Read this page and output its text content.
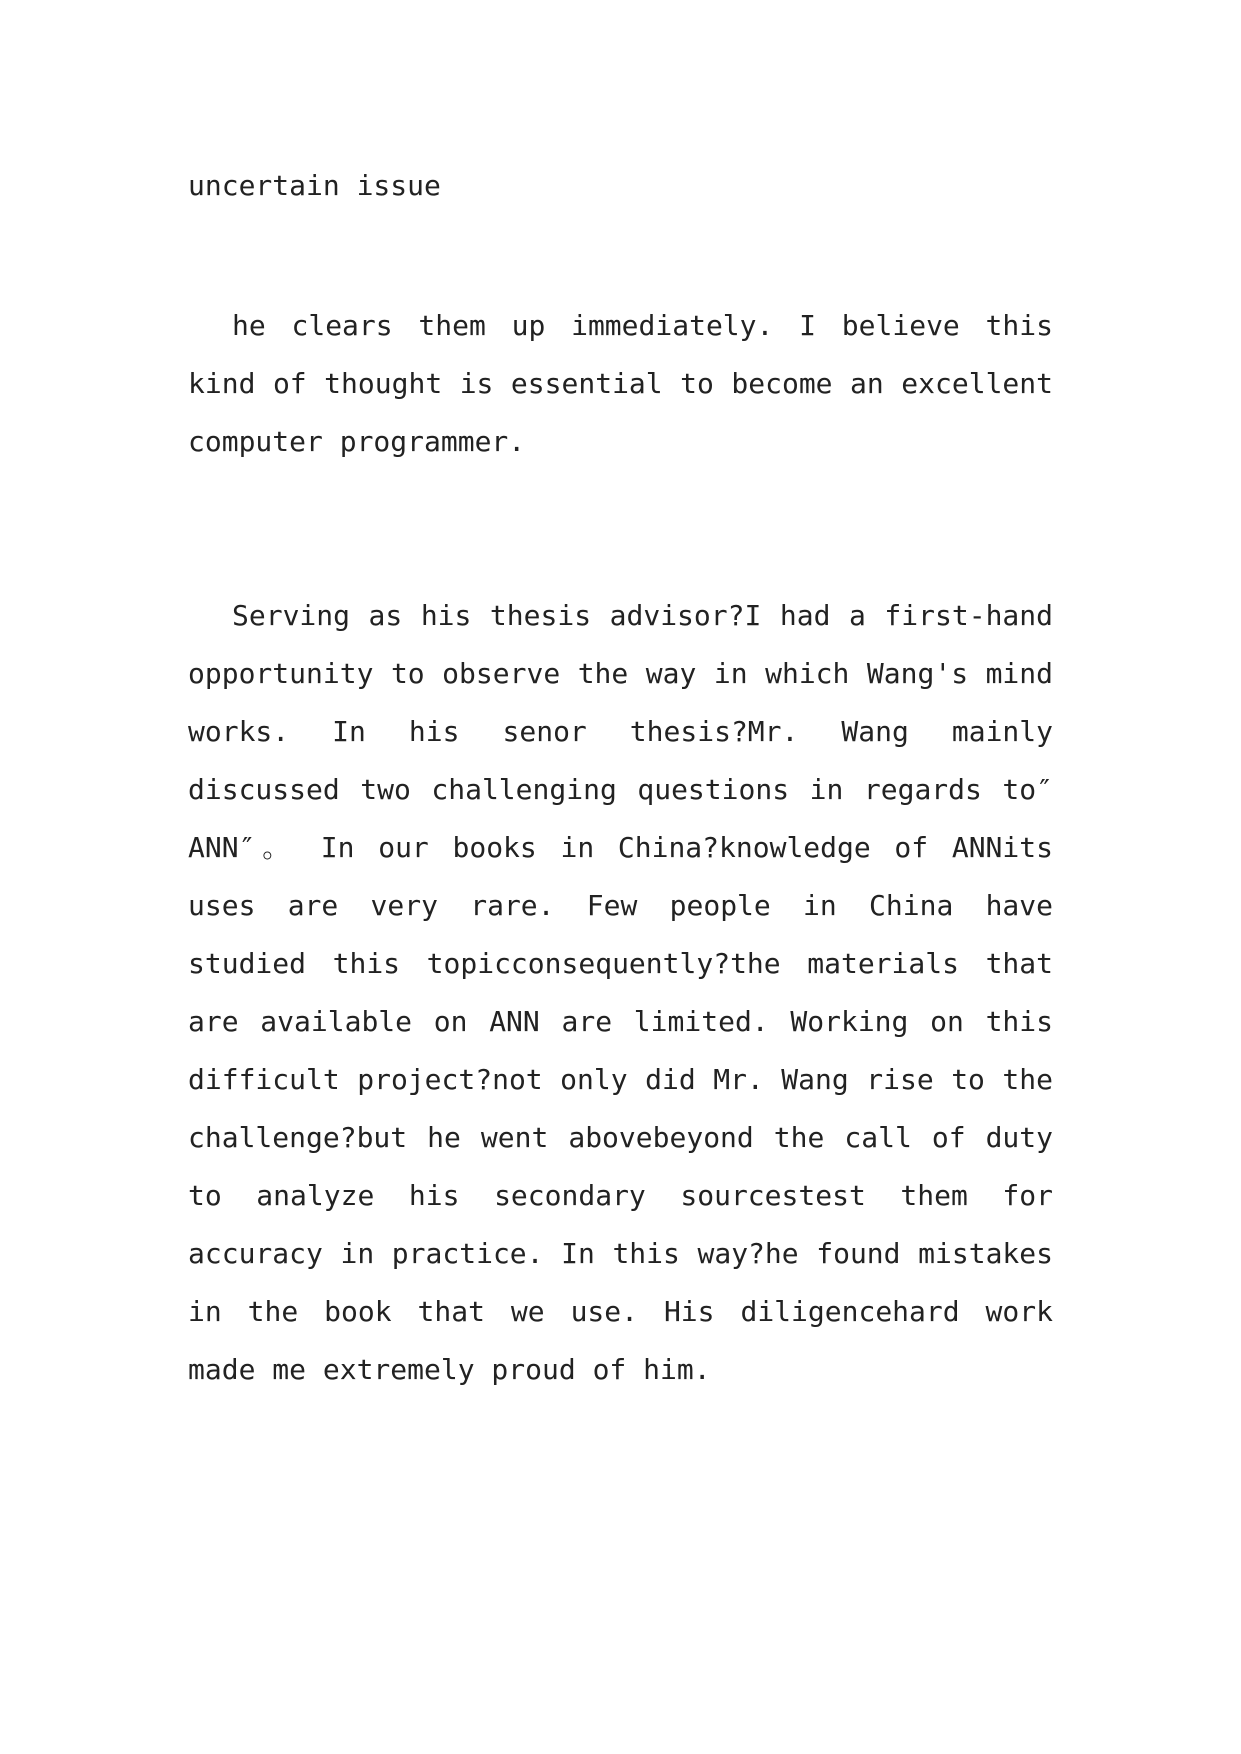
uncertain issue
he clears them up immediately. I believe this
kind of thought is essential to become an excellent
computer programmer.
Serving as his thesis advisor?I had a first-hand
opportunity to observe the way in which Wang's mind
works. In his senor thesis?Mr. Wang mainly
discussed two challenging questions in regards to″
ANN″。 In our books in China?knowledge of ANNits
uses are very rare. Few people in China have
studied this topicconsequently?the materials that
are available on ANN are limited. Working on this
difficult project?not only did Mr. Wang rise to the
challenge?but he went abovebeyond the call of duty
to analyze his secondary sourcestest them for
accuracy in practice. In this way?he found mistakes
in the book that we use. His diligencehard work
made me extremely proud of him.
